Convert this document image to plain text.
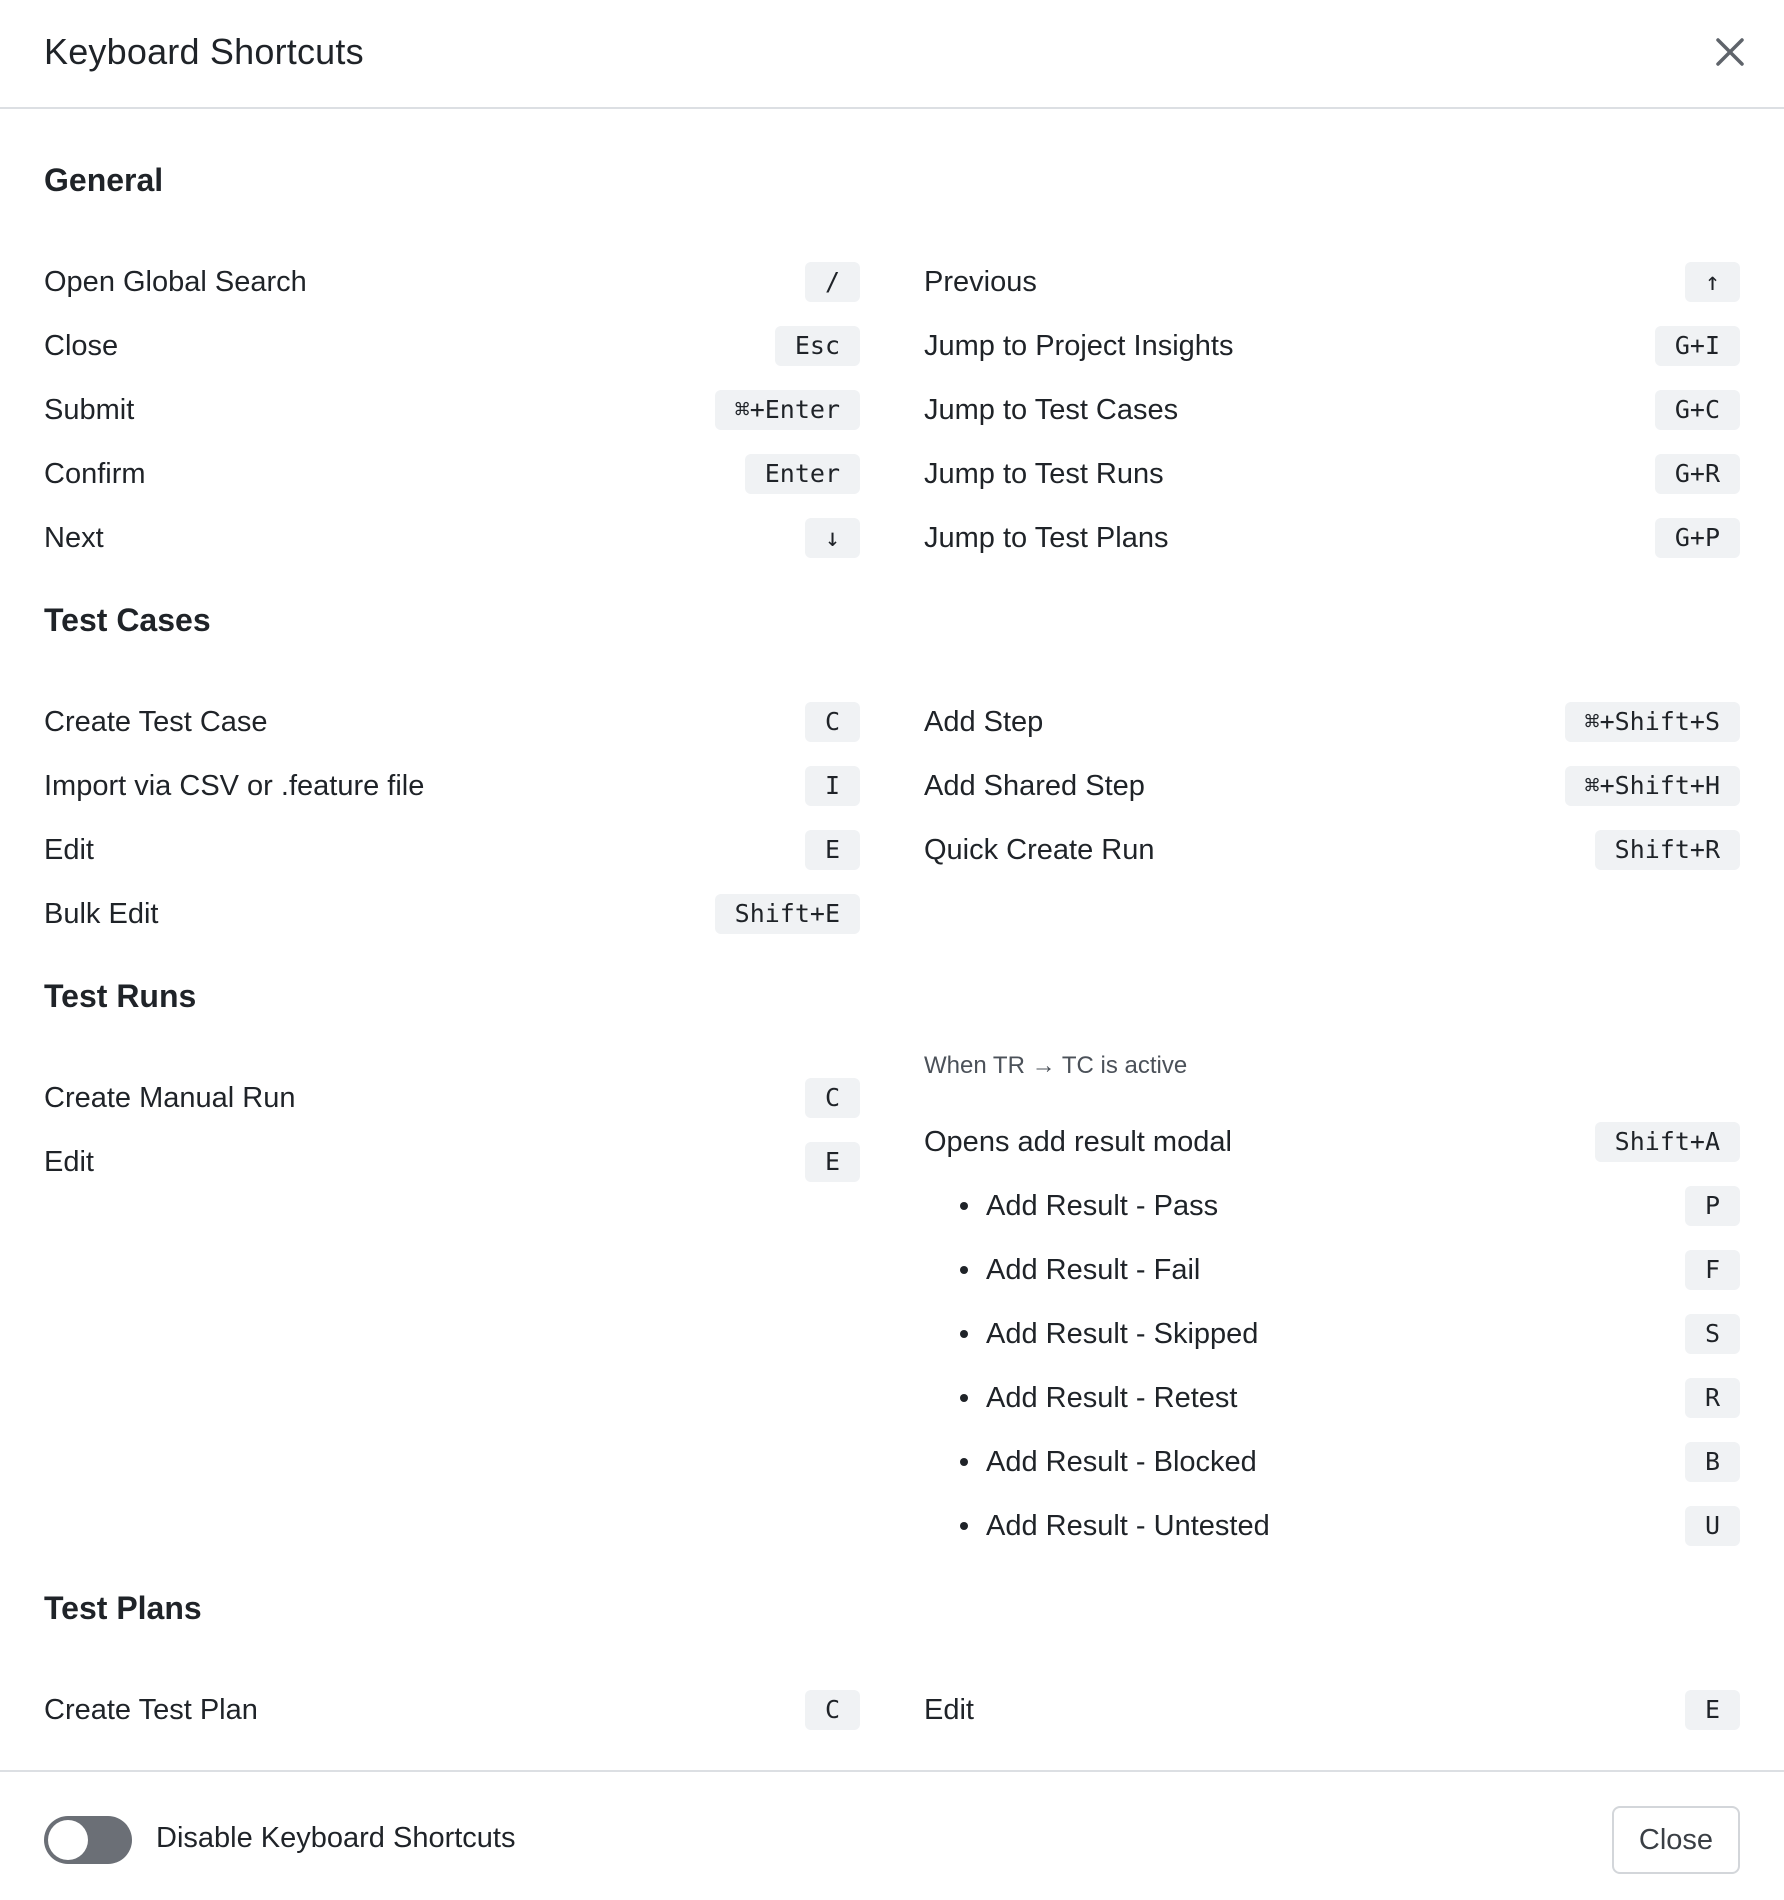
Keyboard Shortcuts
General
Open Global Search	/
Close	Esc
Submit	⌘+Enter
Confirm	Enter
Next	↓
Previous	↑
Jump to Project Insights	G+I
Jump to Test Cases	G+C
Jump to Test Runs	G+R
Jump to Test Plans	G+P
Test Cases
Create Test Case	C
Import via CSV or .feature file	I
Edit	E
Bulk Edit	Shift+E
Add Step	⌘+Shift+S
Add Shared Step	⌘+Shift+H
Quick Create Run	Shift+R
Test Runs
Create Manual Run	C
Edit	E
When TR → TC is active
Opens add result modal	Shift+A
Add Result - Pass	P
Add Result - Fail	F
Add Result - Skipped	S
Add Result - Retest	R
Add Result - Blocked	B
Add Result - Untested	U
Test Plans
Create Test Plan	C	Edit	E
Disable Keyboard Shortcuts	Close
